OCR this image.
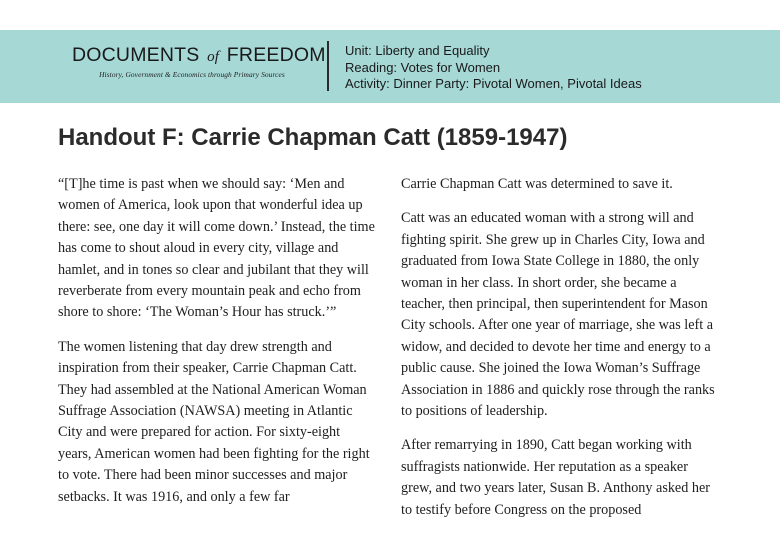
DOCUMENTS of FREEDOM
History, Government & Economics through Primary Sources
Unit: Liberty and Equality
Reading: Votes for Women
Activity: Dinner Party: Pivotal Women, Pivotal Ideas
Handout F: Carrie Chapman Catt (1859-1947)

“[T]he time is past when we should say: ‘Men and women of America, look upon that wonderful idea up there: see, one day it will come down.’ Instead, the time has come to shout aloud in every city, village and hamlet, and in tones so clear and jubilant that they will reverberate from every mountain peak and echo from shore to shore: ‘The Woman’s Hour has struck.’”

The women listening that day drew strength and inspiration from their speaker, Carrie Chapman Catt. They had assembled at the National American Woman Suffrage Association (NAWSA) meeting in Atlantic City and were prepared for action. For sixty-eight years, American women had been fighting for the right to vote. There had been minor successes and major setbacks. It was 1916, and only a few far

Carrie Chapman Catt was determined to save it.

Catt was an educated woman with a strong will and fighting spirit. She grew up in Charles City, Iowa and graduated from Iowa State College in 1880, the only woman in her class. In short order, she became a teacher, then principal, then superintendent for Mason City schools. After one year of marriage, she was left a widow, and decided to devote her time and energy to a public cause. She joined the Iowa Woman’s Suffrage Association in 1886 and quickly rose through the ranks to positions of leadership.

After remarrying in 1890, Catt began working with suffragists nationwide. Her reputation as a speaker grew, and two years later, Susan B. Anthony asked her to testify before Congress on the proposed
